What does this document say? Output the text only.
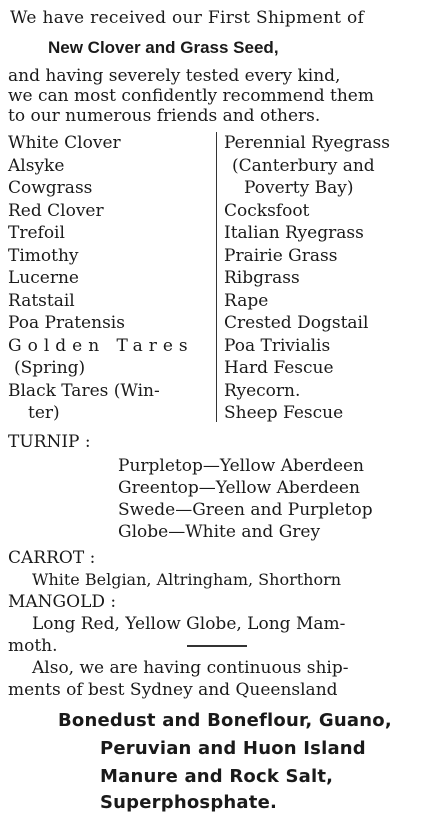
We have received our First Shipment of
New Clover and Grass Seed,
and having severely tested every kind,
we can most confidently recommend them
to our numerous friends and others.
White Clover
Alsyke
Cowgrass
Red Clover
Trefoil
Timothy
Lucerne
Ratstail
Poa Pratensis
Golden Tares
(Spring)
Black Tares (Win-
ter)
Perennial Ryegrass
(Canterbury and
Poverty Bay)
Cocksfoot
Italian Ryegrass
Prairie Grass
Ribgrass
Rape
Crested Dogstail
Poa Trivialis
Hard Fescue
Ryecorn.
Sheep Fescue
TURNIP :
Purpletop—Yellow Aberdeen
Greentop—Yellow Aberdeen
Swede—Green and Purpletop
Globe—White and Grey
CARROT :
White Belgian, Altringham, Shorthorn
MANGOLD :
Long Red, Yellow Globe, Long Mam-
moth.
Also, we are having continuous ship-
ments of best Sydney and Queensland
Bonedust and Boneflour, Guano,
Peruvian and Huon Island
Manure and Rock Salt,
Superphosphate.
